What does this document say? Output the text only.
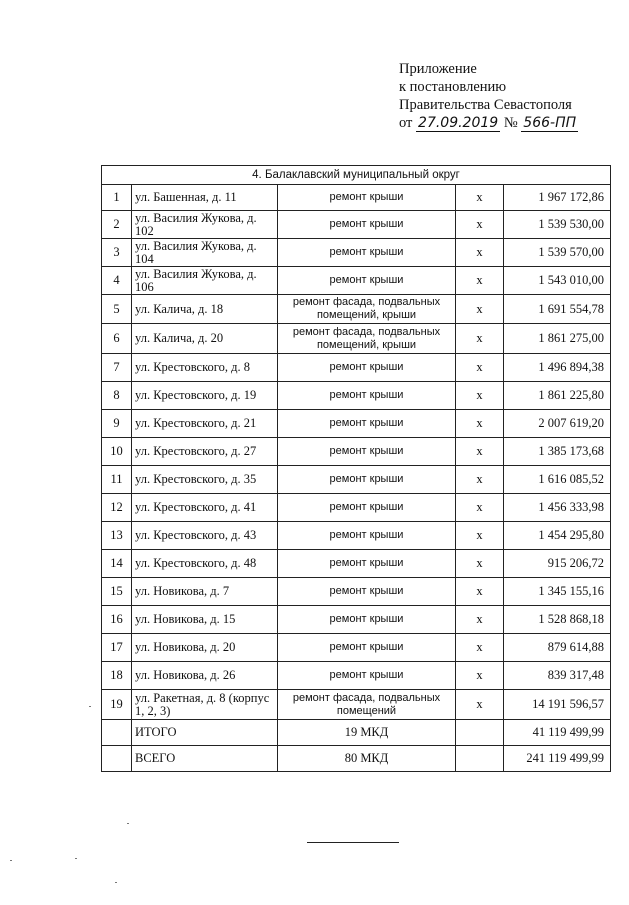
Приложение
к постановлению
Правительства Севастополя
от 27.09.2019 № 566-ПП
4. Балаклавский муниципальный округ				
1	ул. Башенная, д. 11	ремонт крыши	х	1 967 172,86
2	ул. Василия Жукова, д. 102	ремонт крыши	х	1 539 530,00
3	ул. Василия Жукова, д. 104	ремонт крыши	х	1 539 570,00
4	ул. Василия Жукова, д. 106	ремонт крыши	х	1 543 010,00
5	ул. Калича, д. 18	ремонт фасада, подвальных помещений, крыши	х	1 691 554,78
6	ул. Калича, д. 20	ремонт фасада, подвальных помещений, крыши	х	1 861 275,00
7	ул. Крестовского, д. 8	ремонт крыши	х	1 496 894,38
8	ул. Крестовского, д. 19	ремонт крыши	х	1 861 225,80
9	ул. Крестовского, д. 21	ремонт крыши	х	2 007 619,20
10	ул. Крестовского, д. 27	ремонт крыши	х	1 385 173,68
11	ул. Крестовского, д. 35	ремонт крыши	х	1 616 085,52
12	ул. Крестовского, д. 41	ремонт крыши	х	1 456 333,98
13	ул. Крестовского, д. 43	ремонт крыши	х	1 454 295,80
14	ул. Крестовского, д. 48	ремонт крыши	х	915 206,72
15	ул. Новикова, д. 7	ремонт крыши	х	1 345 155,16
16	ул. Новикова, д. 15	ремонт крыши	х	1 528 868,18
17	ул. Новикова, д. 20	ремонт крыши	х	879 614,88
18	ул. Новикова, д. 26	ремонт крыши	х	839 317,48
19	ул. Ракетная, д. 8 (корпус 1, 2, 3)	ремонт фасада, подвальных помещений	х	14 191 596,57
	ИТОГО	19 МКД		41 119 499,99
	ВСЕГО	80 МКД		241 119 499,99
